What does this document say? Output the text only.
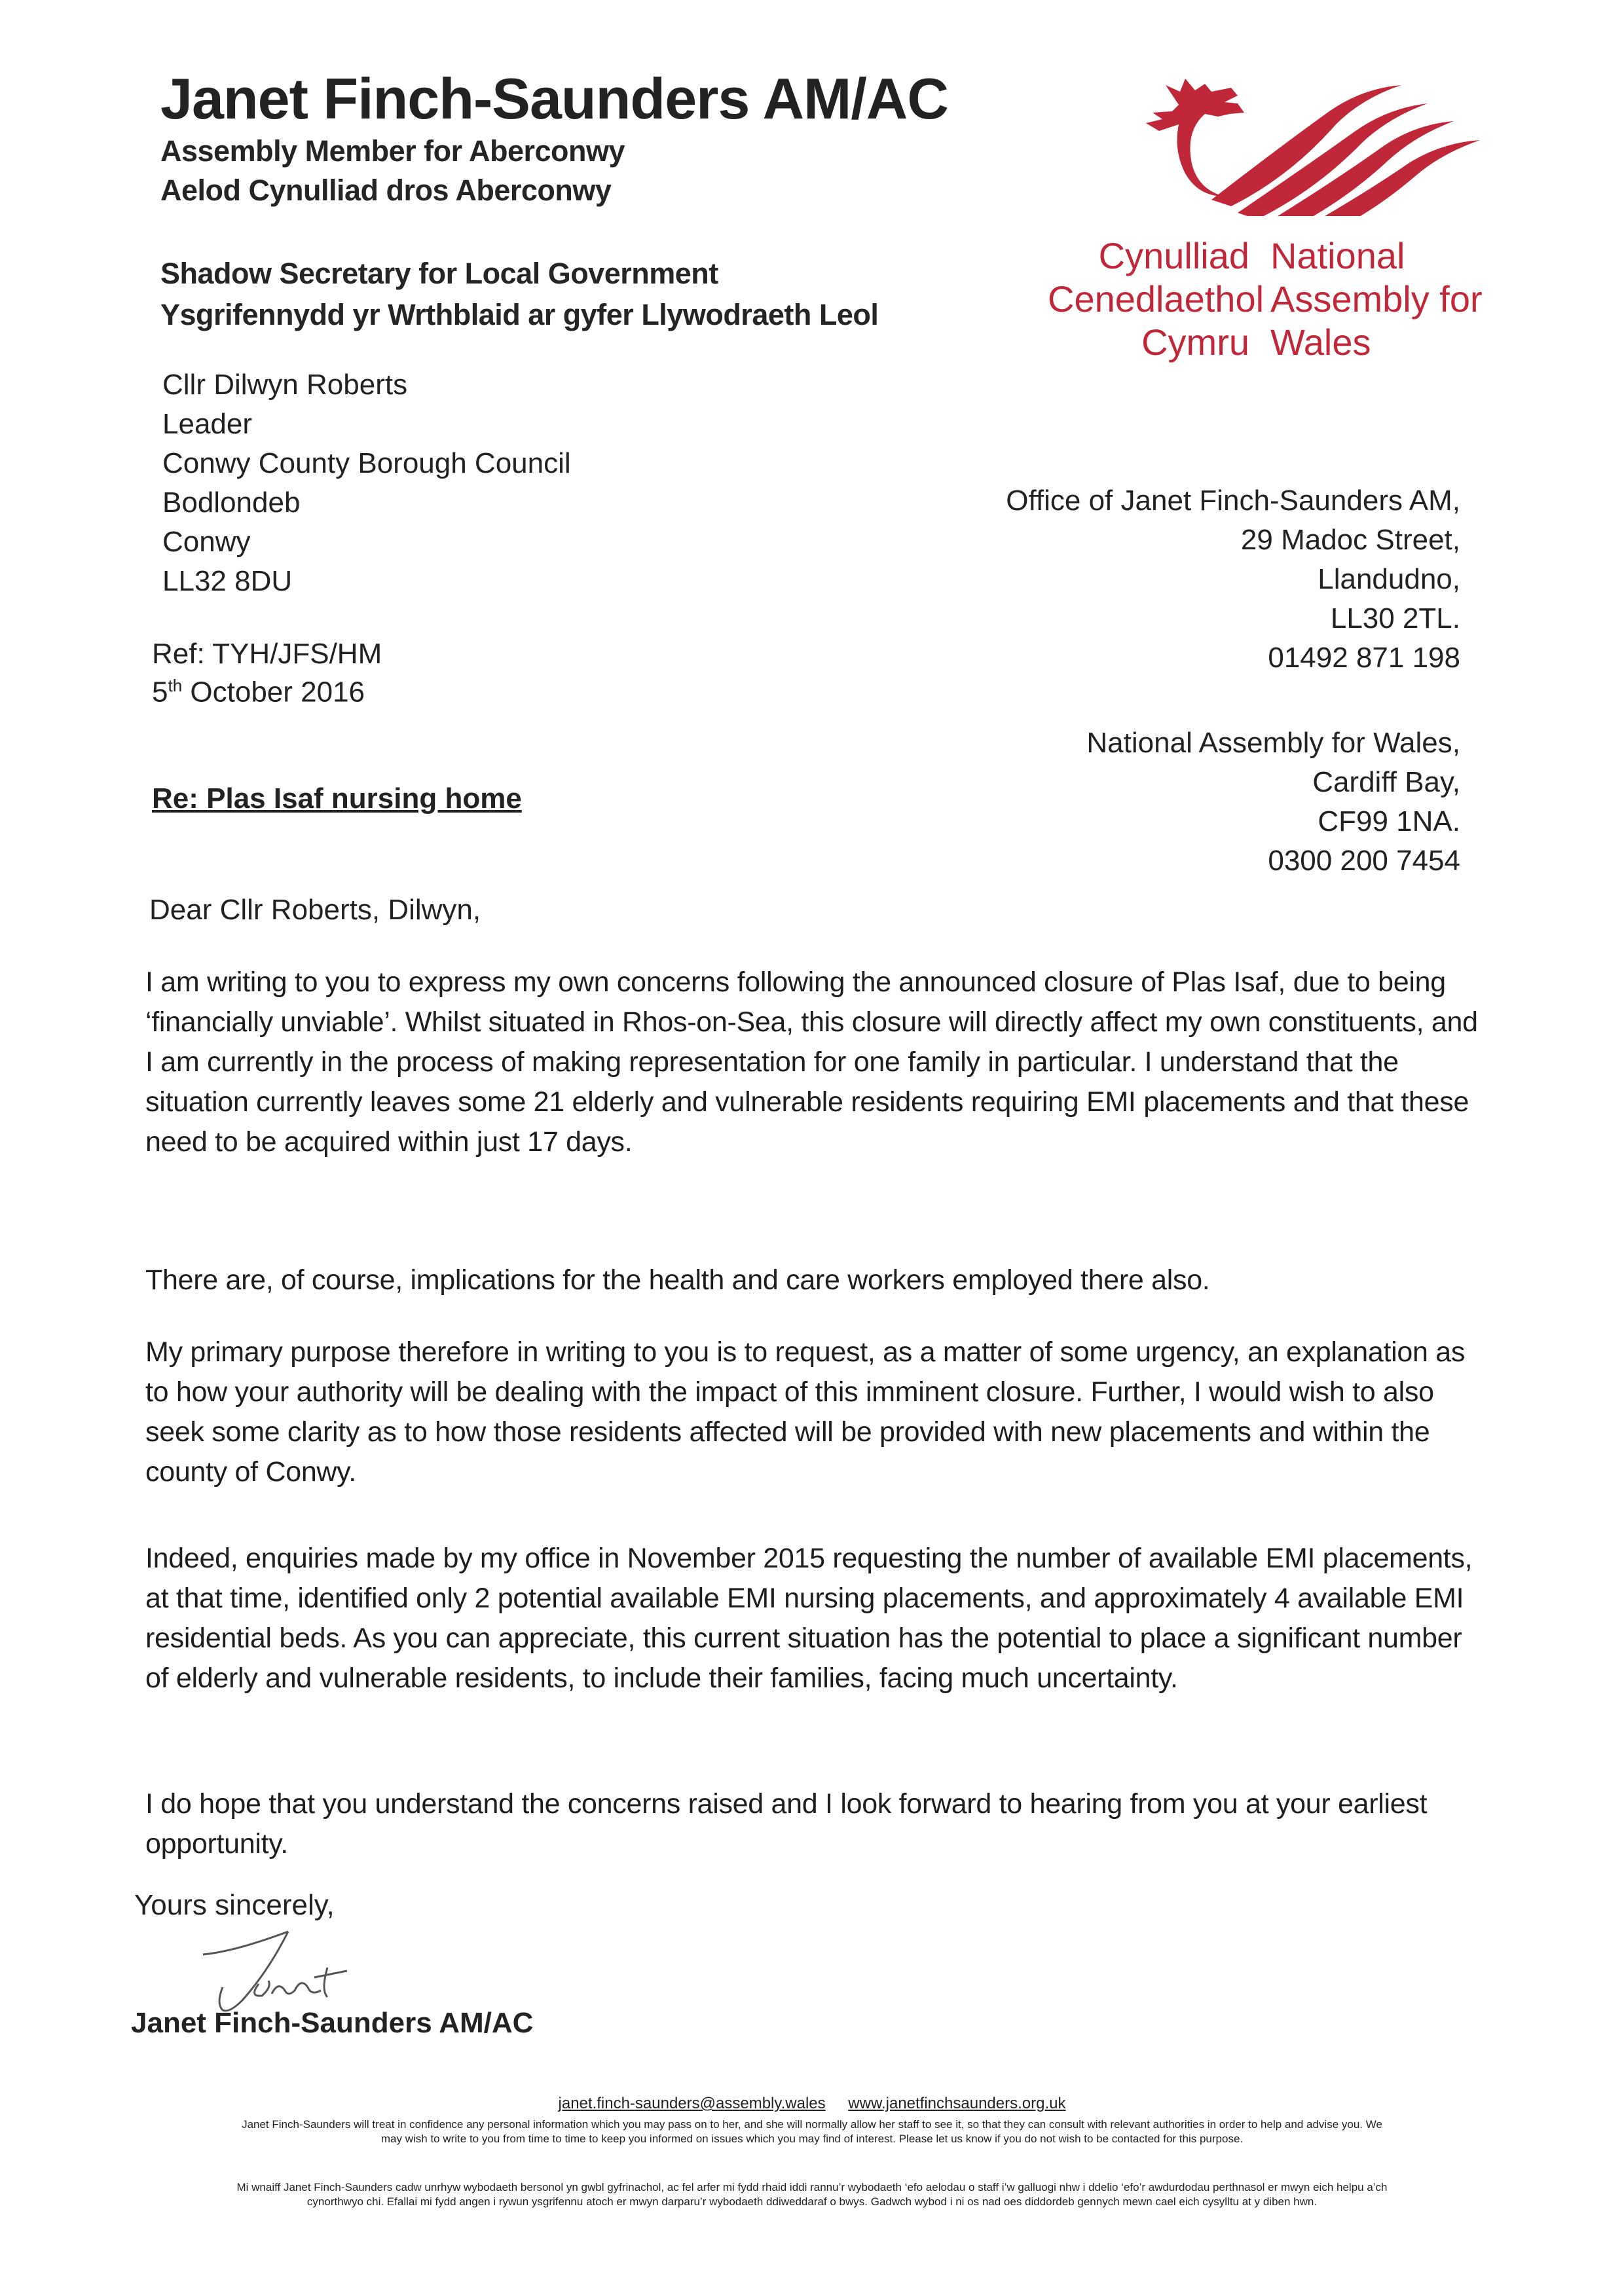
Janet Finch-Saunders AM/AC
Assembly Member for Aberconwy
Aelod Cynulliad dros Aberconwy
Shadow Secretary for Local Government
Ysgrifennydd yr Wrthblaid ar gyfer Llywodraeth Leol
Cynulliad National
Cenedlaethol Assembly for
Cymru Wales
Cllr Dilwyn Roberts
Leader
Conwy County Borough Council
Bodlondeb
Conwy
LL32 8DU
Ref: TYH/JFS/HM
5th October 2016
Office of Janet Finch-Saunders AM,
29 Madoc Street,
Llandudno,
LL30 2TL.
01492 871 198
National Assembly for Wales,
Cardiff Bay,
CF99 1NA.
0300 200 7454
Re: Plas Isaf nursing home
Dear Cllr Roberts, Dilwyn,
I am writing to you to express my own concerns following the announced closure of Plas Isaf, due to being ‘financially unviable’. Whilst situated in Rhos-on-Sea, this closure will directly affect my own constituents, and I am currently in the process of making representation for one family in particular. I understand that the situation currently leaves some 21 elderly and vulnerable residents requiring EMI placements and that these need to be acquired within just 17 days.
There are, of course, implications for the health and care workers employed there also.
My primary purpose therefore in writing to you is to request, as a matter of some urgency, an explanation as to how your authority will be dealing with the impact of this imminent closure. Further, I would wish to also seek some clarity as to how those residents affected will be provided with new placements and within the county of Conwy.
Indeed, enquiries made by my office in November 2015 requesting the number of available EMI placements, at that time, identified only 2 potential available EMI nursing placements, and approximately 4 available EMI residential beds. As you can appreciate, this current situation has the potential to place a significant number of elderly and vulnerable residents, to include their families, facing much uncertainty.
I do hope that you understand the concerns raised and I look forward to hearing from you at your earliest opportunity.
Yours sincerely,
Janet Finch-Saunders AM/AC
janet.finch-saunders@assembly.wales www.janetfinchsaunders.org.uk
Janet Finch-Saunders will treat in confidence any personal information which you may pass on to her, and she will normally allow her staff to see it, so that they can consult with relevant authorities in order to help and advise you. We may wish to write to you from time to time to keep you informed on issues which you may find of interest. Please let us know if you do not wish to be contacted for this purpose.
Mi wnaiff Janet Finch-Saunders cadw unrhyw wybodaeth bersonol yn gwbl gyfrinachol, ac fel arfer mi fydd rhaid iddi rannu’r wybodaeth ‘efo aelodau o staff i’w galluogi nhw i ddelio ‘efo’r awdurdodau perthnasol er mwyn eich helpu a’ch cynorthwyo chi. Efallai mi fydd angen i rywun ysgrifennu atoch er mwyn darparu’r wybodaeth ddiweddaraf o bwys. Gadwch wybod i ni os nad oes diddordeb gennych mewn cael eich cysylltu at y diben hwn.
